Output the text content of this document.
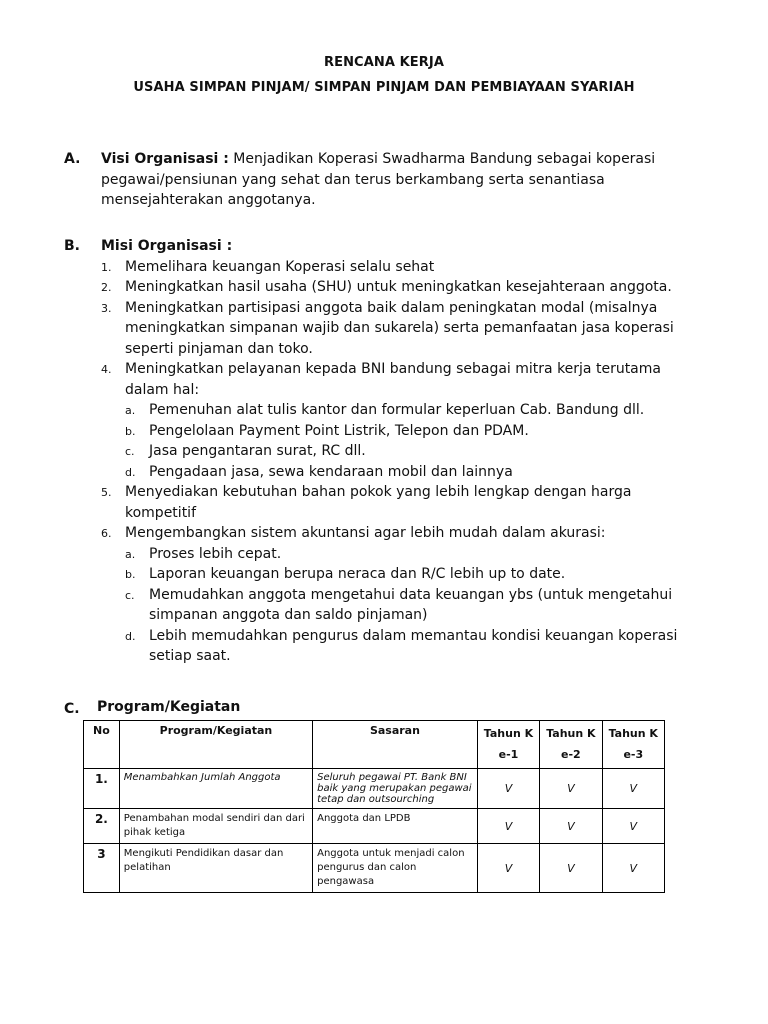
RENCANA KERJA
USAHA SIMPAN PINJAM/ SIMPAN PINJAM DAN PEMBIAYAAN SYARIAH
A. Visi Organisasi : Menjadikan Koperasi Swadharma Bandung sebagai koperasi pegawai/pensiunan yang sehat dan terus berkambang serta senantiasa mensejahterakan anggotanya.
B. Misi Organisasi :
1. Memelihara keuangan Koperasi selalu sehat
2. Meningkatkan hasil usaha (SHU) untuk meningkatkan kesejahteraan anggota.
3. Meningkatkan partisipasi anggota baik dalam peningkatan modal (misalnya meningkatkan simpanan wajib dan sukarela) serta pemanfaatan jasa koperasi seperti pinjaman dan toko.
4. Meningkatkan pelayanan kepada BNI bandung sebagai mitra kerja terutama dalam hal:
a. Pemenuhan alat tulis kantor dan formular keperluan Cab. Bandung dll.
b. Pengelolaan Payment Point Listrik, Telepon dan PDAM.
c. Jasa pengantaran surat, RC dll.
d. Pengadaan jasa, sewa kendaraan mobil dan lainnya
5. Menyediakan kebutuhan bahan pokok yang lebih lengkap dengan harga kompetitif
6. Mengembangkan sistem akuntansi agar lebih mudah dalam akurasi:
a. Proses lebih cepat.
b. Laporan keuangan berupa neraca dan R/C lebih up to date.
c. Memudahkan anggota mengetahui data keuangan ybs (untuk mengetahui simpanan anggota dan saldo pinjaman)
d. Lebih memudahkan pengurus dalam memantau kondisi keuangan koperasi setiap saat.
C. Program/Kegiatan
No	Program/Kegiatan	Sasaran	Tahun Ke-1	Tahun Ke-2	Tahun Ke-3
1.	Menambahkan Jumlah Anggota	Seluruh pegawai PT. Bank BNI baik yang merupakan pegawai tetap dan outsourching	V	V	V
2.	Penambahan modal sendiri dan dari pihak ketiga	Anggota dan LPDB	V	V	V
3	Mengikuti Pendidikan dasar dan pelatihan	Anggota untuk menjadi calon pengurus dan calon pengawasa	V	V	V
